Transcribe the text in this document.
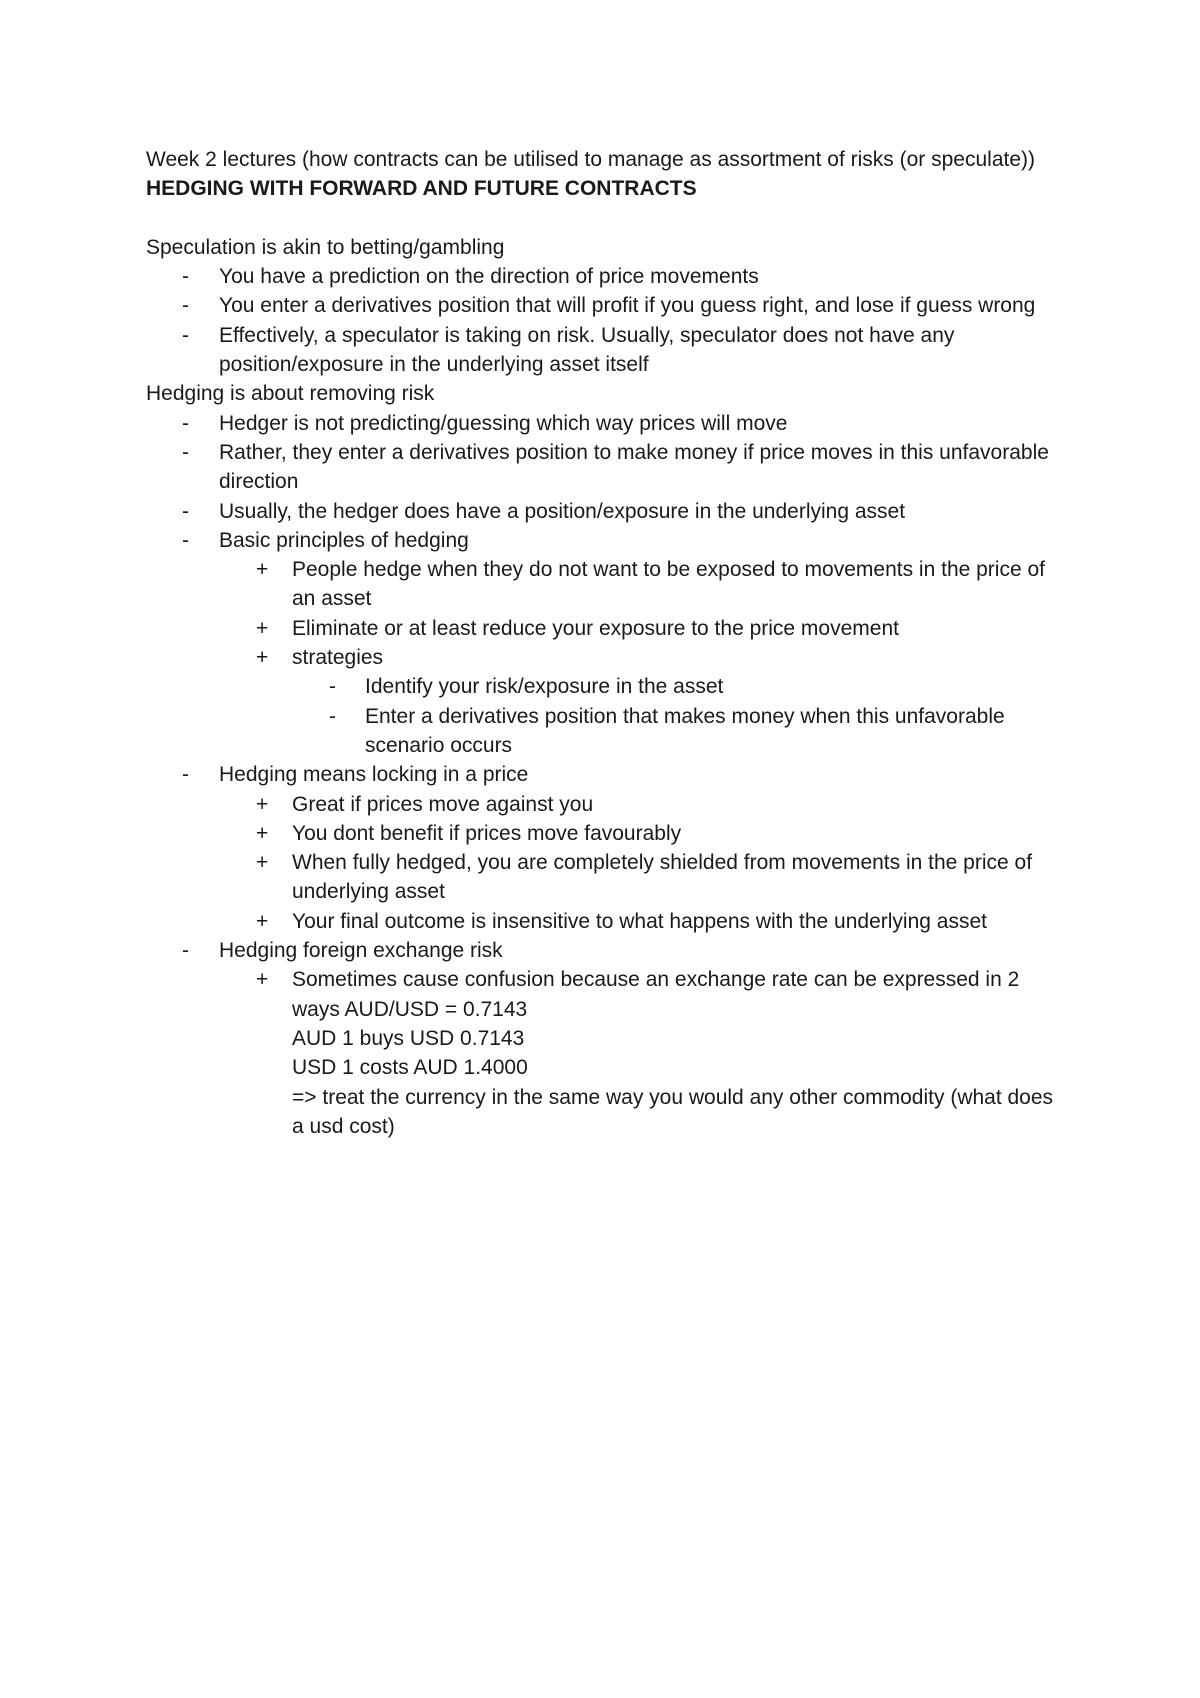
Week 2 lectures (how contracts can be utilised to manage as assortment of risks (or speculate))

HEDGING WITH FORWARD AND FUTURE CONTRACTS

Speculation is akin to betting/gambling

- You have a prediction on the direction of price movements
- You enter a derivatives position that will profit if you guess right, and lose if guess wrong
- Effectively, a speculator is taking on risk. Usually, speculator does not have any position/exposure in the underlying asset itself

Hedging is about removing risk

- Hedger is not predicting/guessing which way prices will move
- Rather, they enter a derivatives position to make money if price moves in this unfavorable direction
- Usually, the hedger does have a position/exposure in the underlying asset
- Basic principles of hedging
+ People hedge when they do not want to be exposed to movements in the price of an asset
+ Eliminate or at least reduce your exposure to the price movement
+ strategies
- Identify your risk/exposure in the asset
- Enter a derivatives position that makes money when this unfavorable scenario occurs
- Hedging means locking in a price
+ Great if prices move against you
+ You dont benefit if prices move favourably
+ When fully hedged, you are completely shielded from movements in the price of underlying asset
+ Your final outcome is insensitive to what happens with the underlying asset
- Hedging foreign exchange risk
+ Sometimes cause confusion because an exchange rate can be expressed in 2 ways AUD/USD = 0.7143
AUD 1 buys USD 0.7143
USD 1 costs AUD 1.4000
=> treat the currency in the same way you would any other commodity (what does a usd cost)
